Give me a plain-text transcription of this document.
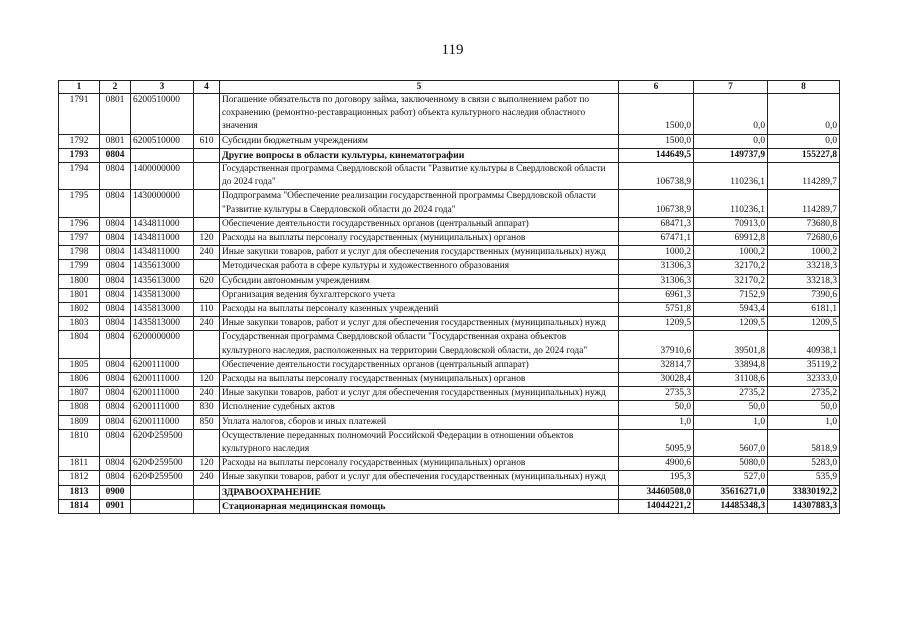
119
1	2	3	4	5	6	7	8
1791	0801	6200510000		Погашение обязательств по договору займа, заключенному в связи с выполнением работ по сохранению (ремонтно-реставрационных работ) объекта культурного наследия областного значения	1500,0	0,0	0,0
1792	0801	6200510000	610	Субсидии бюджетным учреждениям	1500,0	0,0	0,0
1793	0804			Другие вопросы в области культуры, кинематографии	144649,5	149737,9	155227,8
1794	0804	1400000000		Государственная программа Свердловской области "Развитие культуры в Свердловской области до 2024 года"	106738,9	110236,1	114289,7
1795	0804	1430000000		Подпрограмма "Обеспечение реализации государственной программы Свердловской области "Развитие культуры в Свердловской области до 2024 года"	106738,9	110236,1	114289,7
1796	0804	1434811000		Обеспечение деятельности государственных органов (центральный аппарат)	68471,3	70913,0	73680,8
1797	0804	1434811000	120	Расходы на выплаты персоналу государственных (муниципальных) органов	67471,1	69912,8	72680,6
1798	0804	1434811000	240	Иные закупки товаров, работ и услуг для обеспечения государственных (муниципальных) нужд	1000,2	1000,2	1000,2
1799	0804	1435613000		Методическая работа в сфере культуры и художественного образования	31306,3	32170,2	33218,3
1800	0804	1435613000	620	Субсидии автономным учреждениям	31306,3	32170,2	33218,3
1801	0804	1435813000		Организация ведения бухгалтерского учета	6961,3	7152,9	7390,6
1802	0804	1435813000	110	Расходы на выплаты персоналу казенных учреждений	5751,8	5943,4	6181,1
1803	0804	1435813000	240	Иные закупки товаров, работ и услуг для обеспечения государственных (муниципальных) нужд	1209,5	1209,5	1209,5
1804	0804	6200000000		Государственная программа Свердловской области "Государственная охрана объектов культурного наследия, расположенных на территории Свердловской области, до 2024 года"	37910,6	39501,8	40938,1
1805	0804	6200111000		Обеспечение деятельности государственных органов (центральный аппарат)	32814,7	33894,8	35119,2
1806	0804	6200111000	120	Расходы на выплаты персоналу государственных (муниципальных) органов	30028,4	31108,6	32333,0
1807	0804	6200111000	240	Иные закупки товаров, работ и услуг для обеспечения государственных (муниципальных) нужд	2735,3	2735,2	2735,2
1808	0804	6200111000	830	Исполнение судебных актов	50,0	50,0	50,0
1809	0804	6200111000	850	Уплата налогов, сборов и иных платежей	1,0	1,0	1,0
1810	0804	620Ф259500		Осуществление переданных полномочий Российской Федерации в отношении объектов культурного наследия	5095,9	5607,0	5818,9
1811	0804	620Ф259500	120	Расходы на выплаты персоналу государственных (муниципальных) органов	4900,6	5080,0	5283,0
1812	0804	620Ф259500	240	Иные закупки товаров, работ и услуг для обеспечения государственных (муниципальных) нужд	195,3	527,0	535,9
1813	0900			ЗДРАВООХРАНЕНИЕ	34460508,0	35616271,0	33830192,2
1814	0901			Стационарная медицинская помощь	14044221,2	14485348,3	14307883,3
